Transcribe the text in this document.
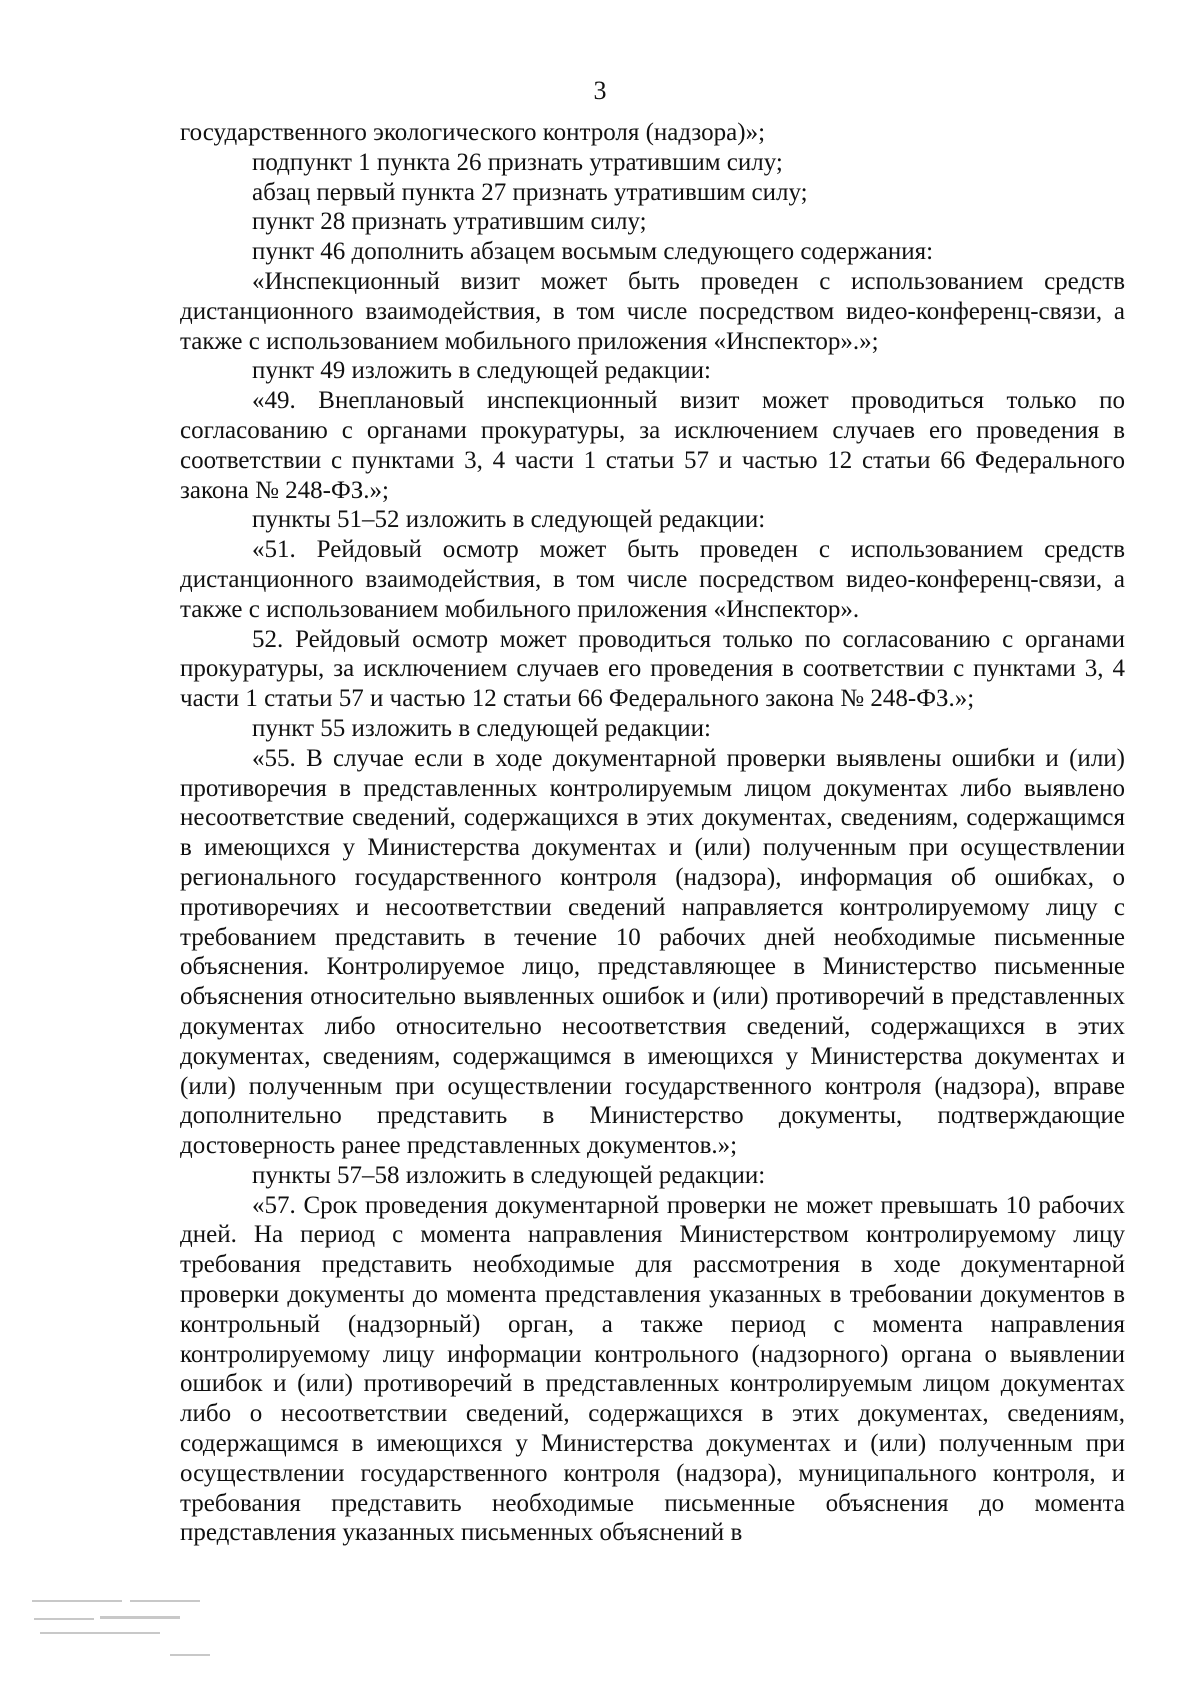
3

государственного экологического контроля (надзора)»;

подпункт 1 пункта 26 признать утратившим силу;

абзац первый пункта 27 признать утратившим силу;

пункт 28 признать утратившим силу;

пункт 46 дополнить абзацем восьмым следующего содержания:

«Инспекционный визит может быть проведен с использованием средств дистанционного взаимодействия, в том числе посредством видео-конференц-связи, а также с использованием мобильного приложения «Инспектор».»;

пункт 49 изложить в следующей редакции:

«49. Внеплановый инспекционный визит может проводиться только по согласованию с органами прокуратуры, за исключением случаев его проведения в соответствии с пунктами 3, 4 части 1 статьи 57 и частью 12 статьи 66 Федерального закона № 248-ФЗ.»;

пункты 51–52 изложить в следующей редакции:

«51. Рейдовый осмотр может быть проведен с использованием средств дистанционного взаимодействия, в том числе посредством видео-конференц-связи, а также с использованием мобильного приложения «Инспектор».

52. Рейдовый осмотр может проводиться только по согласованию с органами прокуратуры, за исключением случаев его проведения в соответствии с пунктами 3, 4 части 1 статьи 57 и частью 12 статьи 66 Федерального закона № 248-ФЗ.»;

пункт 55 изложить в следующей редакции:

«55. В случае если в ходе документарной проверки выявлены ошибки и (или) противоречия в представленных контролируемым лицом документах либо выявлено несоответствие сведений, содержащихся в этих документах, сведениям, содержащимся в имеющихся у Министерства документах и (или) полученным при осуществлении регионального государственного контроля (надзора), информация об ошибках, о противоречиях и несоответствии сведений направляется контролируемому лицу с требованием представить в течение 10 рабочих дней необходимые письменные объяснения. Контролируемое лицо, представляющее в Министерство письменные объяснения относительно выявленных ошибок и (или) противоречий в представленных документах либо относительно несоответствия сведений, содержащихся в этих документах, сведениям, содержащимся в имеющихся у Министерства документах и (или) полученным при осуществлении государственного контроля (надзора), вправе дополнительно представить в Министерство документы, подтверждающие достоверность ранее представленных документов.»;

пункты 57–58 изложить в следующей редакции:

«57. Срок проведения документарной проверки не может превышать 10 рабочих дней. На период с момента направления Министерством контролируемому лицу требования представить необходимые для рассмотрения в ходе документарной проверки документы до момента представления указанных в требовании документов в контрольный (надзорный) орган, а также период с момента направления контролируемому лицу информации контрольного (надзорного) органа о выявлении ошибок и (или) противоречий в представленных контролируемым лицом документах либо о несоответствии сведений, содержащихся в этих документах, сведениям, содержащимся в имеющихся у Министерства документах и (или) полученным при осуществлении государственного контроля (надзора), муниципального контроля, и требования представить необходимые письменные объяснения до момента представления указанных письменных объяснений в
